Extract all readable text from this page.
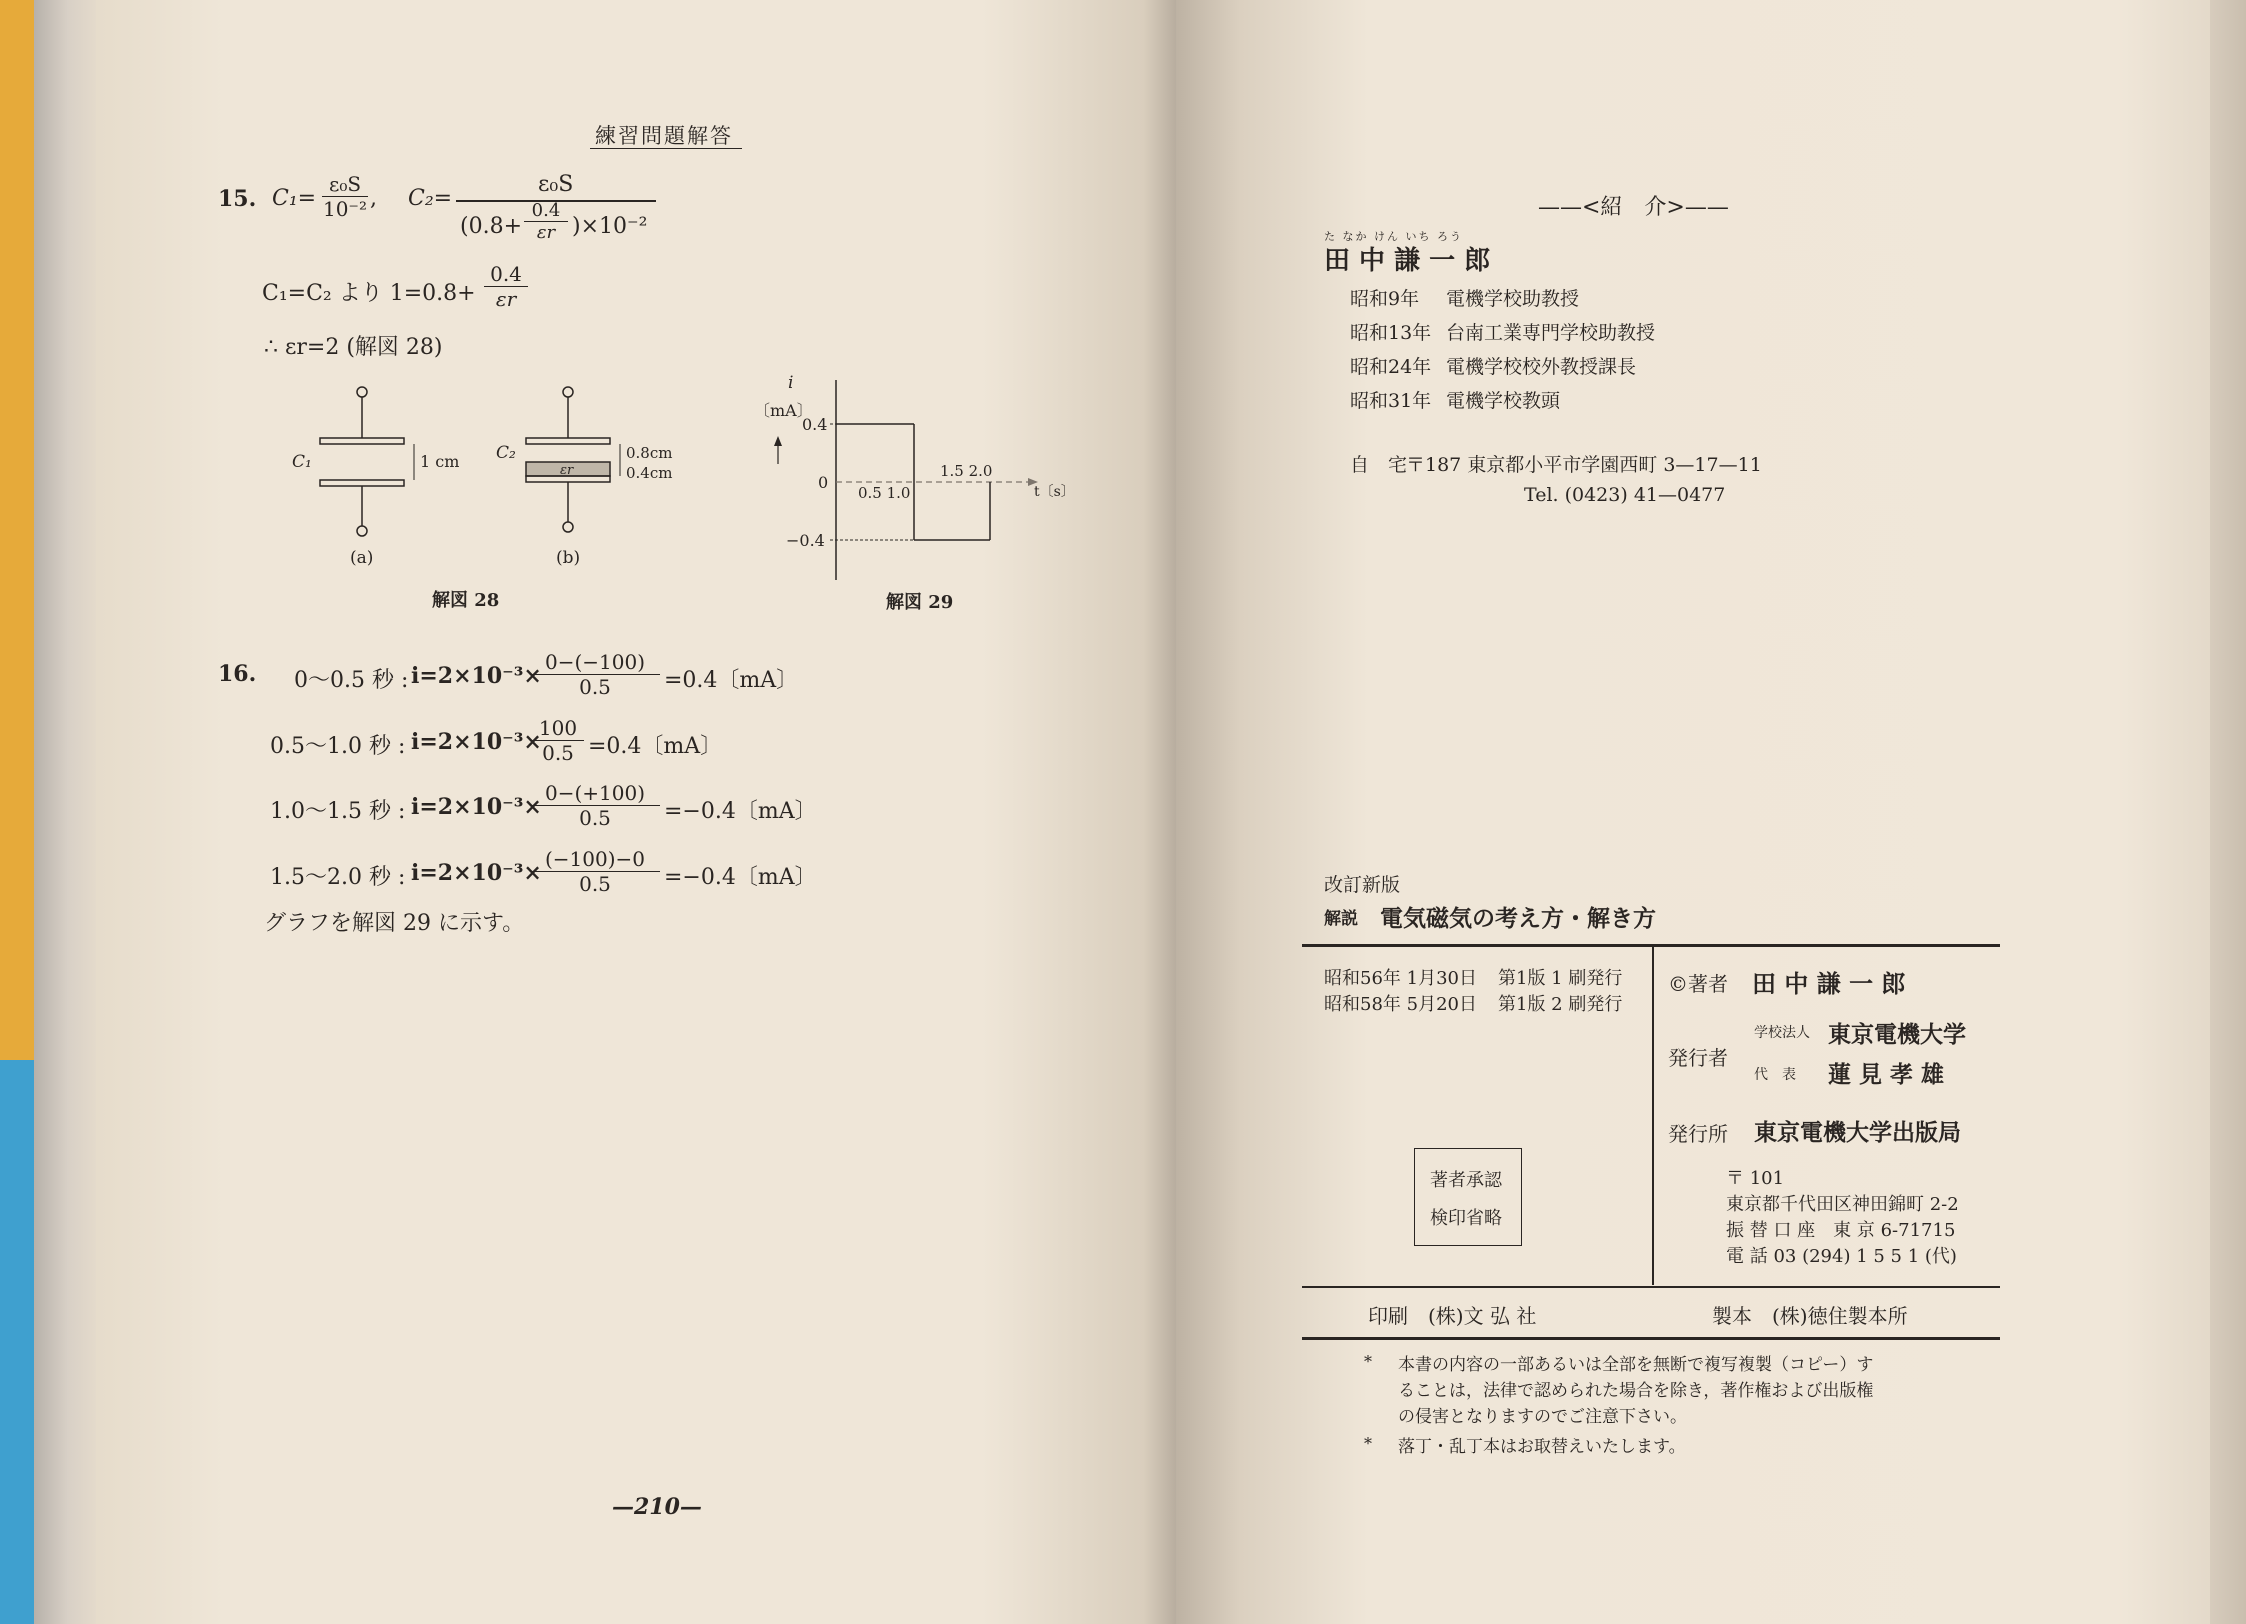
練習問題解答
15. $C_1= \frac{\text{ε₀S}}{\text{10⁻²}}$ , C₂=
ε₀S
$(0.8+ \frac{0.4}{\varepsilon r} )\times 10^{-2}$
C₁=C₂ より $1=0.8+ \frac{0.4}{\varepsilon r}$
∴ εr=2 (解図 28)
C₁	1 cm
(a)
C₂
εr
0.8cm
0.4cm
(b)
解図 28
i
〔mA〕
0.4
0
−0.4
0.5 1.0
1.5 2.0
t〔s〕
解図 29
16. 0～0.5 秒 : i=2×10⁻³×
$\frac{0-(-100)}{0.5} =0.4$〔mA〕
0.5～1.0 秒 : i=2×10⁻³×
$\frac{100}{0.5} =0.4$〔mA〕
1.0～1.5 秒 : i=2×10⁻³×
$\frac{0-(+100)}{0.5} =-0.4$〔mA〕
1.5～2.0 秒 : i=2×10⁻³×
$\frac{(-100)-0}{0.5} =-0.4$〔mA〕
グラフを解図 29 に示す。
—210—
——<紹　介>——
た なか けん いち ろう
田 中 謙 一 郎
昭和9年 電機学校助教授
昭和13年 台南工業専門学校助教授
昭和24年 電機学校校外教授課長
昭和31年 電機学校教頭
自　宅
〒187 東京都小平市学園西町 3—17—11
Tel. (0423) 41—0477
改訂新版
解説 電気磁気の考え方・解き方
昭和56年 1月30日 第1版 1 刷発行
昭和58年 5月20日 第1版 2 刷発行
著者承認
検印省略
©著者 田 中 謙 一 郎
発行者
学校法人 東京電機大学
代　表 蓮 見 孝 雄
発行所 東京電機大学出版局
〒 101
東京都千代田区神田錦町 2-2
振 替 口 座　東 京 6-71715
電 話 03 (294) 1 5 5 1 (代)
印刷　(株)文 弘 社	製本　(株)徳住製本所
* 本書の内容の一部あるいは全部を無断で複写複製（コピー）す
ることは，法律で認められた場合を除き，著作権および出版権
の侵害となりますのでご注意下さい。
* 落丁・乱丁本はお取替えいたします。
